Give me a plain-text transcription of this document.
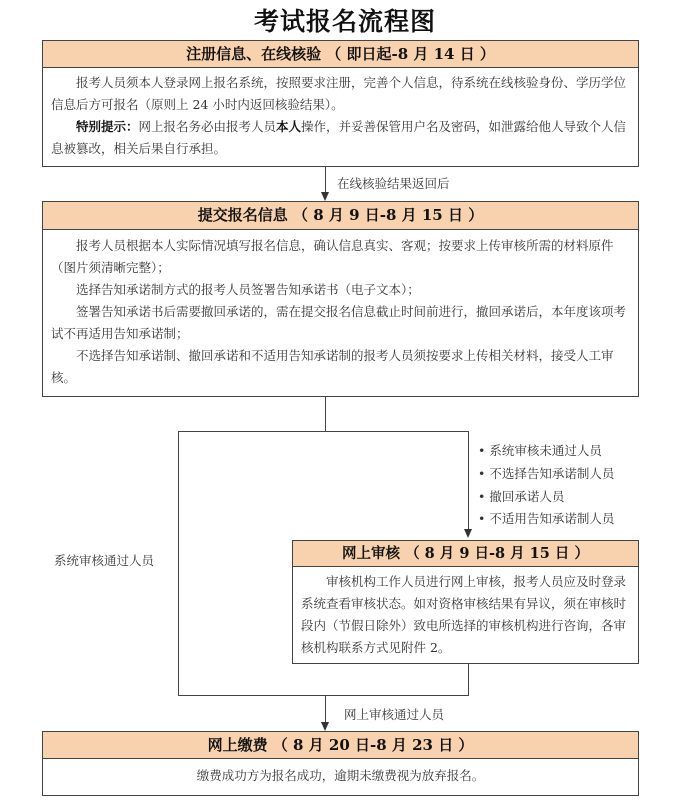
考试报名流程图
注册信息、在线核验 （ 即日起-8 月 14 日 ）

报考人员须本人登录网上报名系统，按照要求注册，完善个人信息，待系统在线核验身份、学历学位信息后方可报名（原则上 24 小时内返回核验结果）。

特别提示：网上报名务必由报考人员本人操作，并妥善保管用户名及密码，如泄露给他人导致个人信息被篡改，相关后果自行承担。

在线核验结果返回后
提交报名信息 （ 8 月 9 日-8 月 15 日 ）

报考人员根据本人实际情况填写报名信息，确认信息真实、客观；按要求上传审核所需的材料原件（图片须清晰完整）；

选择告知承诺制方式的报考人员签署告知承诺书（电子文本）；

签署告知承诺书后需要撤回承诺的，需在提交报名信息截止时间前进行，撤回承诺后，本年度该项考试不再适用告知承诺制；

不选择告知承诺制、撤回承诺和不适用告知承诺制的报考人员须按要求上传相关材料，接受人工审核。

系统审核通过人员
• 系统审核未通过人员
• 不选择告知承诺制人员
• 撤回承诺人员
• 不适用告知承诺制人员
网上审核 （ 8 月 9 日-8 月 15 日 ）

审核机构工作人员进行网上审核，报考人员应及时登录系统查看审核状态。如对资格审核结果有异议，须在审核时段内（节假日除外）致电所选择的审核机构进行咨询，各审核机构联系方式见附件 2。

网上审核通过人员
网上缴费 （ 8 月 20 日-8 月 23 日 ）
缴费成功方为报名成功，逾期未缴费视为放弃报名。
